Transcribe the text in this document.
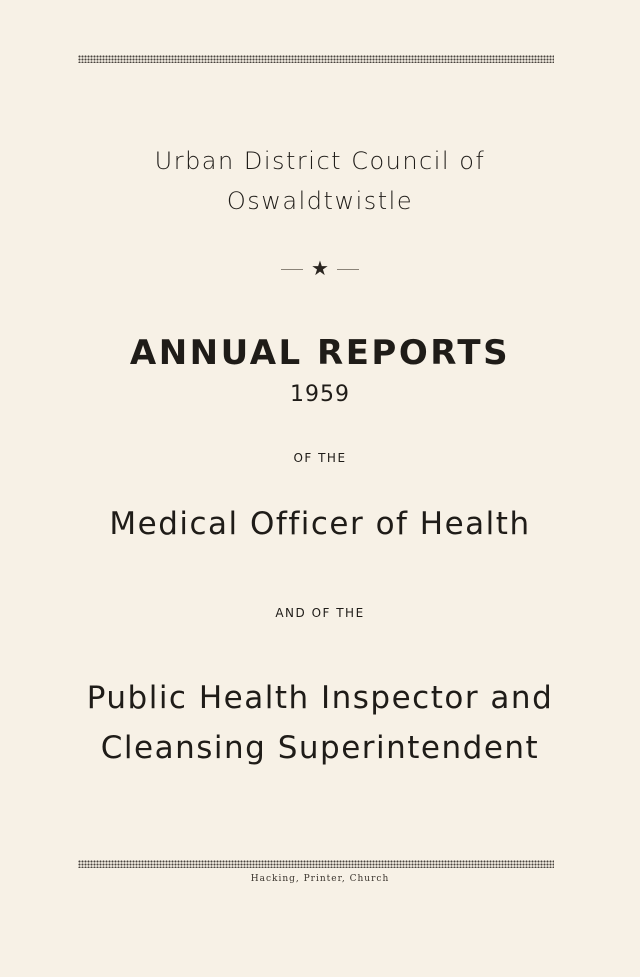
Urban District Council of
Oswaldtwistle
★
ANNUAL REPORTS
1959
OF THE
Medical Officer of Health
AND OF THE
Public Health Inspector and
Cleansing Superintendent
Hacking, Printer, Church
